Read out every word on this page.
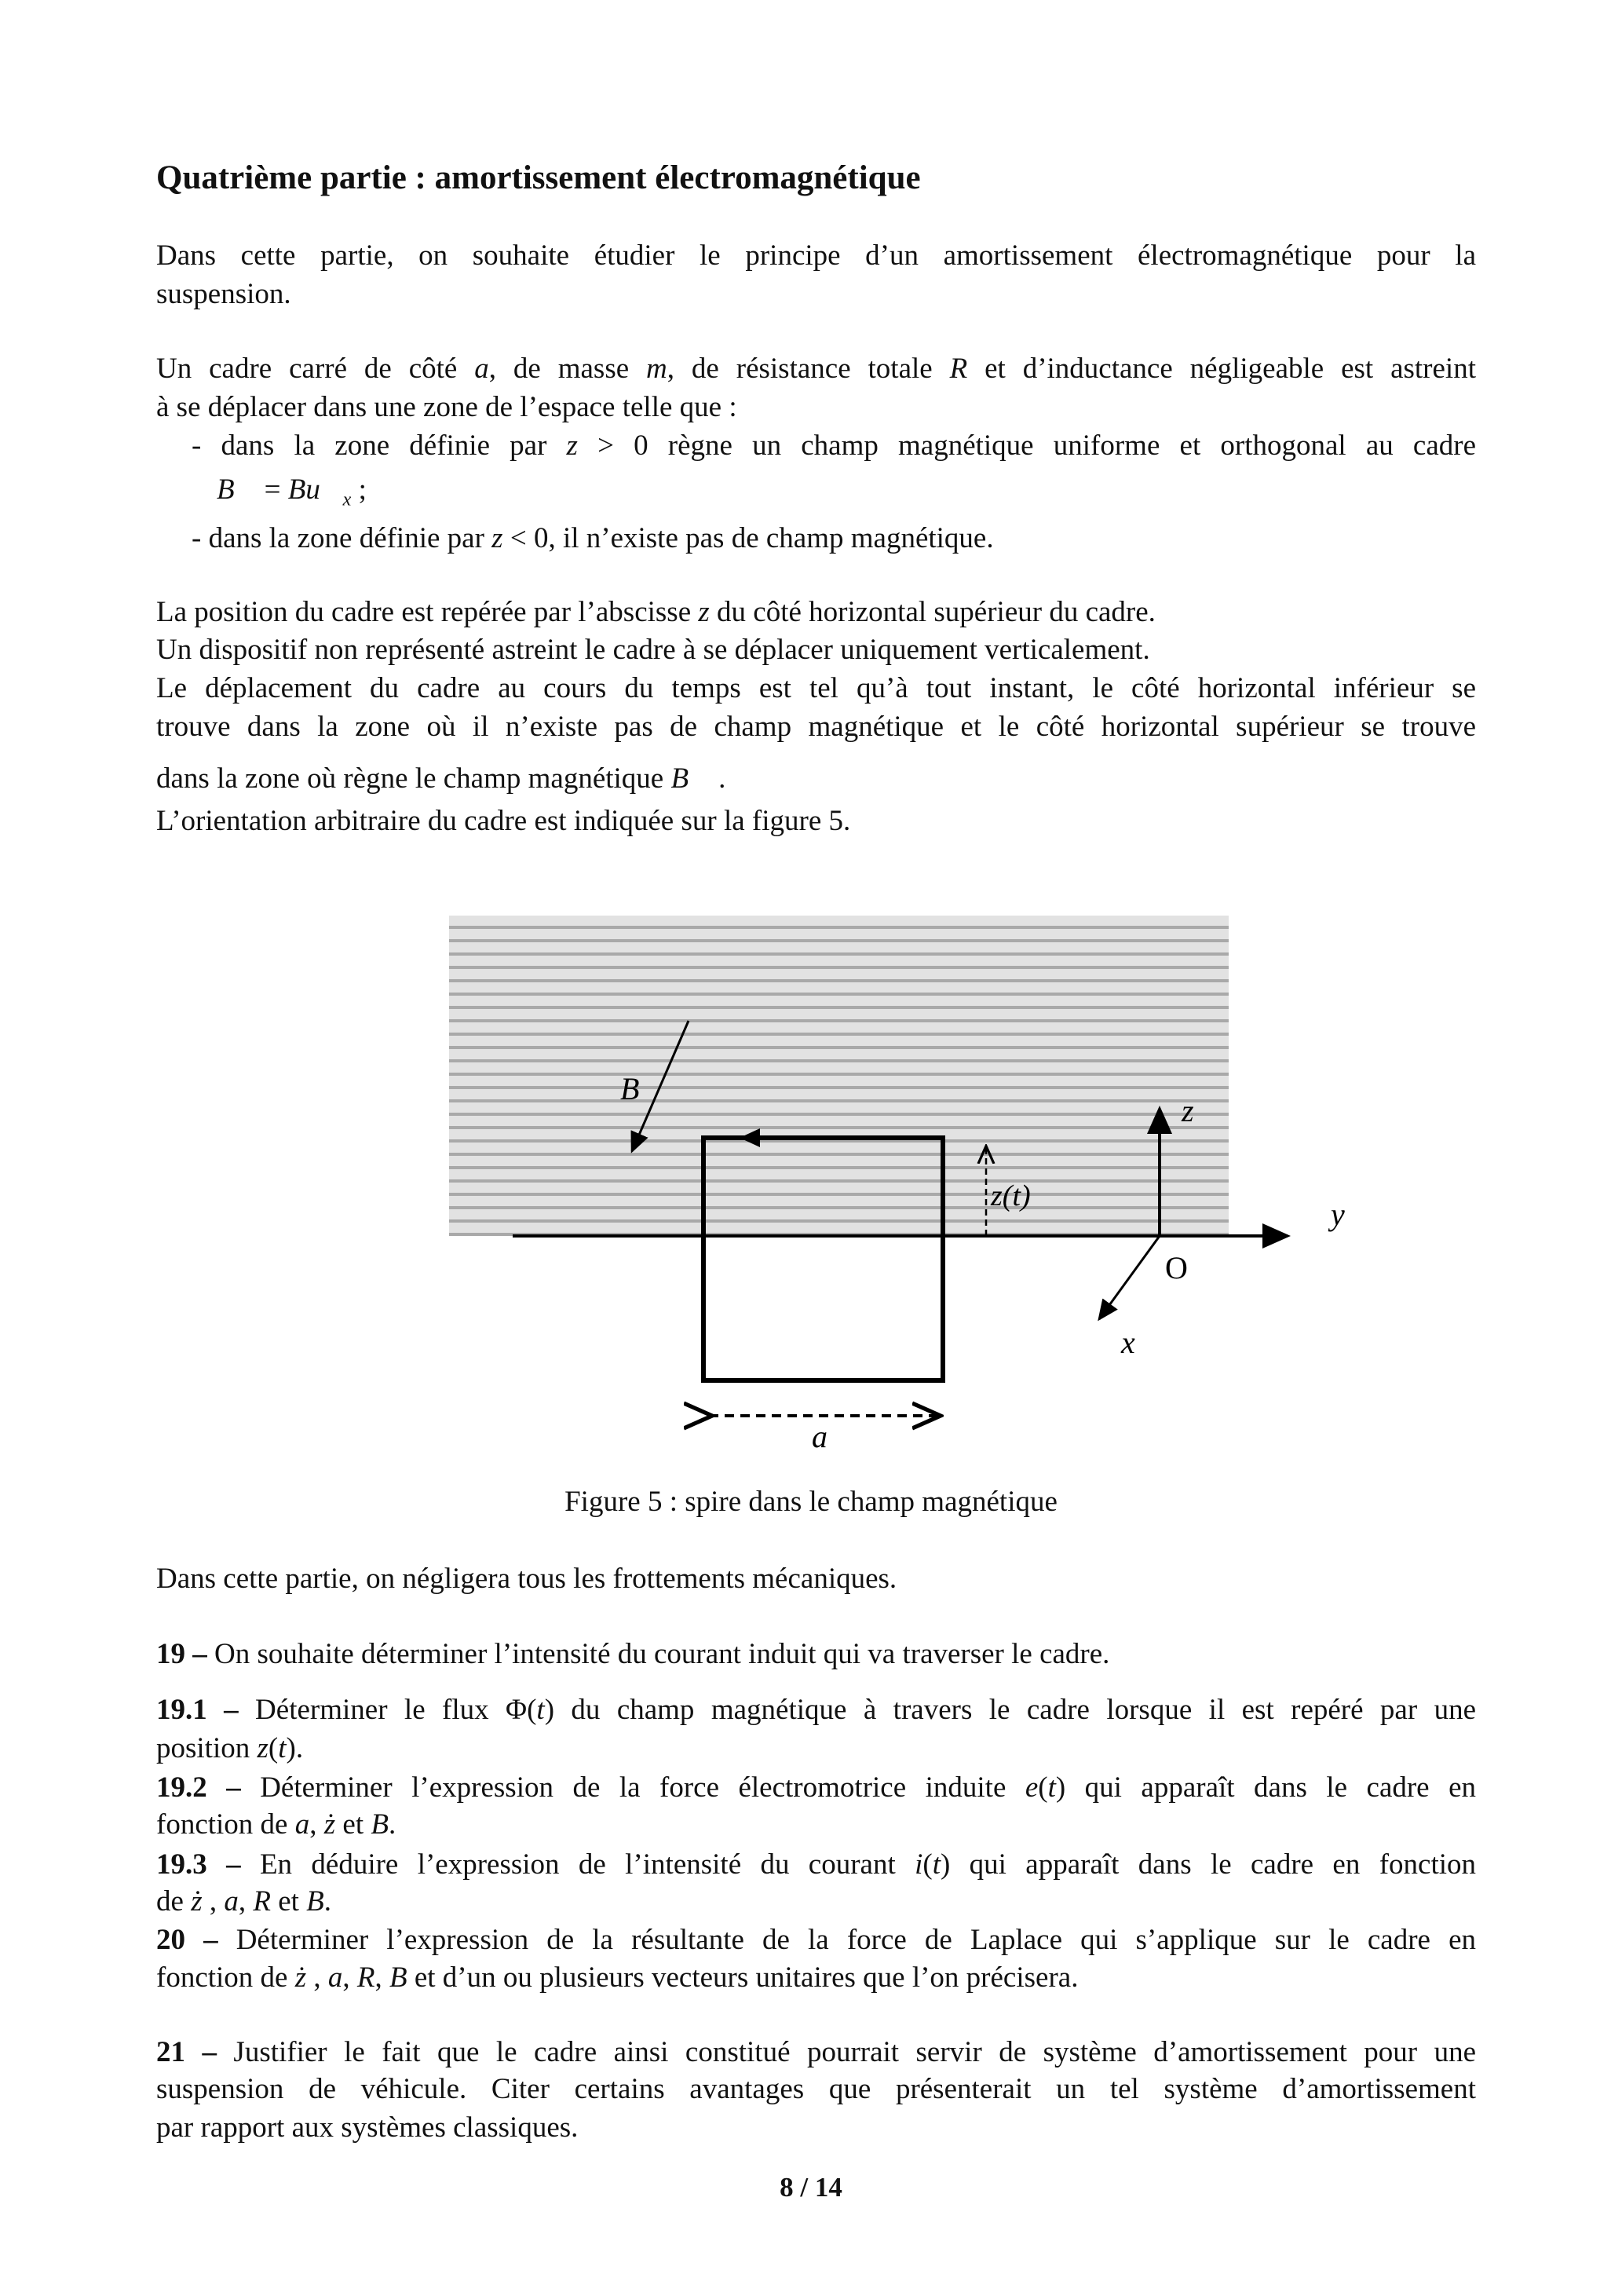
Quatrième partie : amortissement électromagnétique
Dans cette partie, on souhaite étudier le principe d’un amortissement électromagnétique pour la
suspension.
Un cadre carré de côté a, de masse m, de résistance totale R et d’inductance négligeable est astreint
à se déplacer dans une zone de l’espace telle que :
- dans la zone définie par z > 0 règne un champ magnétique uniforme et orthogonal au cadre
B⃗ = $Bu⃗_x$ ;
- dans la zone définie par z < 0, il n’existe pas de champ magnétique.
La position du cadre est repérée par l’abscisse z du côté horizontal supérieur du cadre.
Un dispositif non représenté astreint le cadre à se déplacer uniquement verticalement.
Le déplacement du cadre au cours du temps est tel qu’à tout instant, le côté horizontal inférieur se
trouve dans la zone où il n’existe pas de champ magnétique et le côté horizontal supérieur se trouve
dans la zone où règne le champ magnétique B⃗ .
L’orientation arbitraire du cadre est indiquée sur la figure 5.
B⃗
z
y
x
O
z(t)
a
Figure 5 : spire dans le champ magnétique
Dans cette partie, on négligera tous les frottements mécaniques.
19 – On souhaite déterminer l’intensité du courant induit qui va traverser le cadre.
19.1 – Déterminer le flux Φ(t) du champ magnétique à travers le cadre lorsque il est repéré par une
position z(t).
19.2 – Déterminer l’expression de la force électromotrice induite e(t) qui apparaît dans le cadre en
fonction de a, ż et B.
19.3 – En déduire l’expression de l’intensité du courant i(t) qui apparaît dans le cadre en fonction
de ż , a, R et B.
20 – Déterminer l’expression de la résultante de la force de Laplace qui s’applique sur le cadre en
fonction de ż , a, R, B et d’un ou plusieurs vecteurs unitaires que l’on précisera.
21 – Justifier le fait que le cadre ainsi constitué pourrait servir de système d’amortissement pour une
suspension de véhicule. Citer certains avantages que présenterait un tel système d’amortissement
par rapport aux systèmes classiques.
8 / 14
